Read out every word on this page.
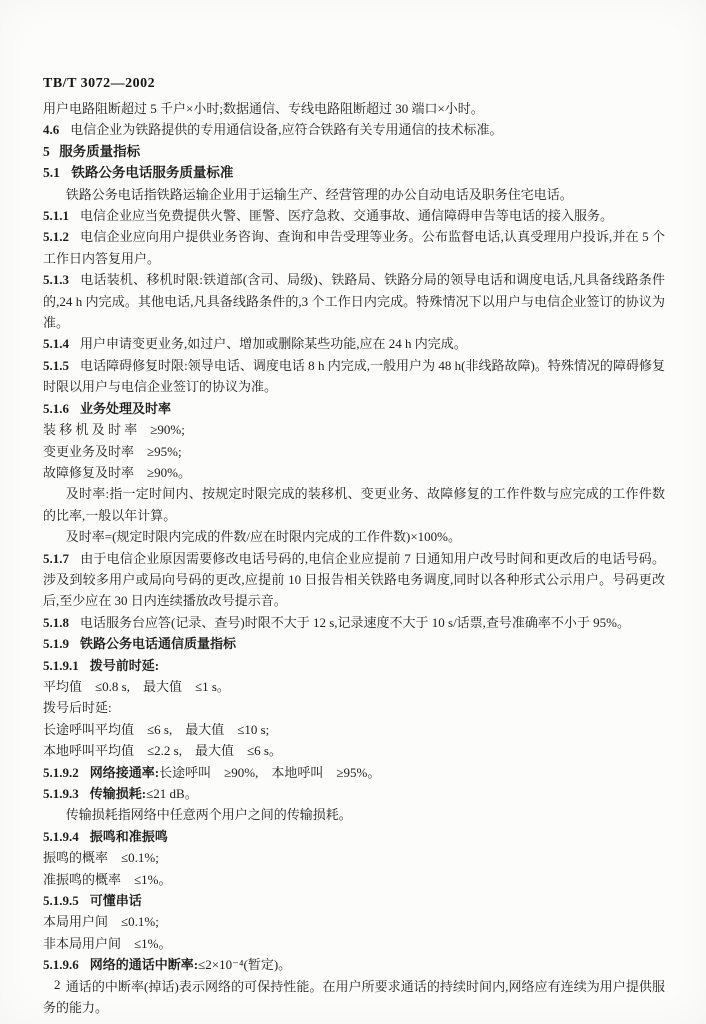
TB/T 3072—2002

用户电路阻断超过 5 千户×小时;数据通信、专线电路阻断超过 30 端口×小时。

4.6 电信企业为铁路提供的专用通信设备,应符合铁路有关专用通信的技术标准。

5 服务质量指标

5.1 铁路公务电话服务质量标准

铁路公务电话指铁路运输企业用于运输生产、经营管理的办公自动电话及职务住宅电话。

5.1.1 电信企业应当免费提供火警、匪警、医疗急救、交通事故、通信障碍申告等电话的接入服务。

5.1.2 电信企业应向用户提供业务咨询、查询和申告受理等业务。公布监督电话,认真受理用户投诉,并在 5 个工作日内答复用户。

5.1.3 电话装机、移机时限:铁道部(含司、局级)、铁路局、铁路分局的领导电话和调度电话,凡具备线路条件的,24 h 内完成。其他电话,凡具备线路条件的,3 个工作日内完成。特殊情况下以用户与电信企业签订的协议为准。

5.1.4 用户申请变更业务,如过户、增加或删除某些功能,应在 24 h 内完成。

5.1.5 电话障碍修复时限:领导电话、调度电话 8 h 内完成,一般用户为 48 h(非线路故障)。特殊情况的障碍修复时限以用户与电信企业签订的协议为准。

5.1.6 业务处理及时率

装 移 机 及 时 率　≥90%;

变更业务及时率　≥95%;

故障修复及时率　≥90%。

及时率:指一定时间内、按规定时限完成的装移机、变更业务、故障修复的工作件数与应完成的工作件数的比率,一般以年计算。

及时率=(规定时限内完成的件数/应在时限内完成的工作件数)×100%。

5.1.7 由于电信企业原因需要修改电话号码的,电信企业应提前 7 日通知用户改号时间和更改后的电话号码。涉及到较多用户或局向号码的更改,应提前 10 日报告相关铁路电务调度,同时以各种形式公示用户。号码更改后,至少应在 30 日内连续播放改号提示音。

5.1.8 电话服务台应答(记录、查号)时限不大于 12 s,记录速度不大于 10 s/话票,查号准确率不小于 95%。

5.1.9 铁路公务电话通信质量指标

5.1.9.1 拨号前时延:

平均值　≤0.8 s,　最大值　≤1 s。

拨号后时延:

长途呼叫平均值　≤6 s,　最大值　≤10 s;

本地呼叫平均值　≤2.2 s,　最大值　≤6 s。

5.1.9.2 网络接通率:长途呼叫　≥90%,　本地呼叫　≥95%。

5.1.9.3 传输损耗:≤21 dB。

传输损耗指网络中任意两个用户之间的传输损耗。

5.1.9.4 振鸣和准振鸣

振鸣的概率　≤0.1%;

准振鸣的概率　≤1%。

5.1.9.5 可懂串话

本局用户间　≤0.1%;

非本局用户间　≤1%。

5.1.9.6 网络的通话中断率:≤2×10⁻⁴(暂定)。

通话的中断率(掉话)表示网络的可保持性能。在用户所要求通话的持续时间内,网络应有连续为用户提供服务的能力。

2
